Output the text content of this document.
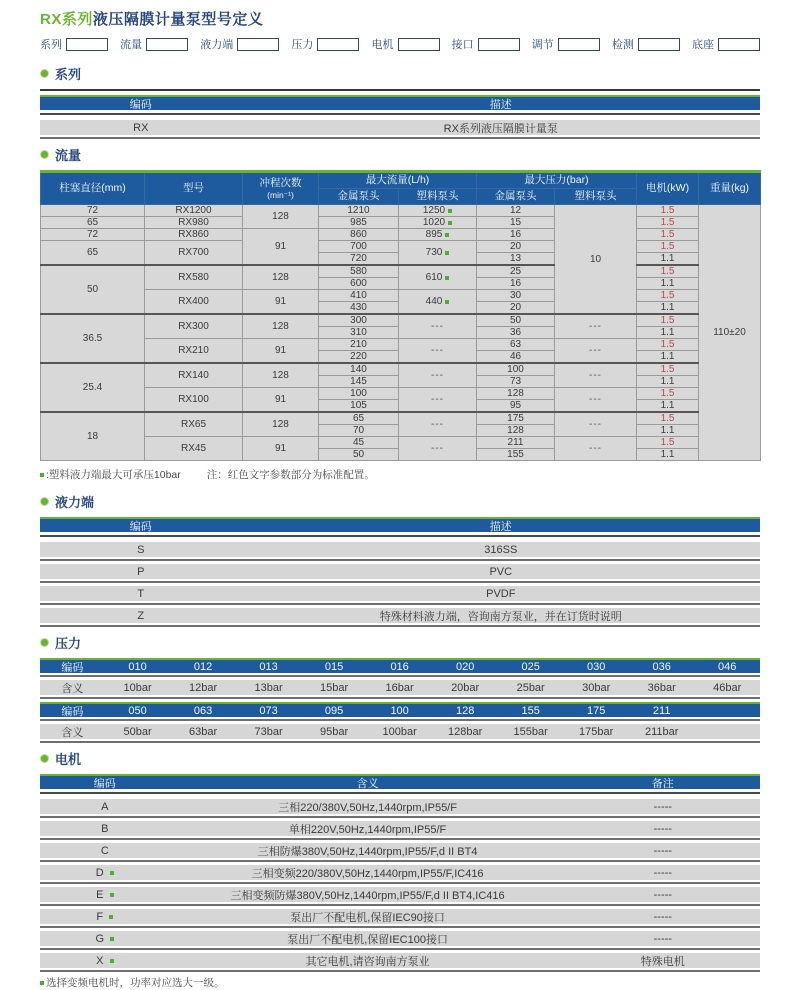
RX系列液压隔膜计量泵型号定义
系列	流量	液力端	压力	电机	接口	调节	检测	底座
系列
编码	描述
RX	RX系列液压隔膜计量泵
流量
柱塞直径(mm)	型号	冲程次数
(min⁻¹)	最大流量(L/h)		最大压力(bar)		电机(kW)	重量(kg)
			金属泵头	塑料泵头	金属泵头	塑料泵头		
72	RX1200	128	1210	1250	12	10	1.5	110±20
65	RX980		985	1020	15		1.5	
72	RX860	91	860	895	16		1.5	
65	RX700		700	730	20		1.5	
			720		13		1.1	
50	RX580	128	580	610	25		1.5	
			600		16		1.1	
	RX400	91	410	440	30		1.5	
			430		20		1.1	
36.5	RX300	128	300	---	50	---	1.5	
			310		36		1.1	
	RX210	91	210	---	63	---	1.5	
			220		46		1.1	
25.4	RX140	128	140	---	100	---	1.5	
			145		73		1.1	
	RX100	91	100	---	128	---	1.5	
			105		95		1.1	
18	RX65	128	65	---	175	---	1.5	
			70		128		1.1	
	RX45	91	45	---	211	---	1.5	
			50		155		1.1	
:塑料液力端最大可承压10bar 注：红色文字参数部分为标准配置。
液力端
编码	描述
S	316SS
P	PVC
T	PVDF
Z	特殊材料液力端，咨询南方泵业，并在订货时说明
压力
编码	010	012	013	015	016	020	025	030	036	046
含义	10bar	12bar	13bar	15bar	16bar	20bar	25bar	30bar	36bar	46bar
编码	050	063	073	095	100	128	155	175	211
含义	50bar	63bar	73bar	95bar	100bar	128bar	155bar	175bar	211bar
电机
编码	含义	备注
A	三相220/380V,50Hz,1440rpm,IP55/F	-----
B	单相220V,50Hz,1440rpm,IP55/F	-----
C	三相防爆380V,50Hz,1440rpm,IP55/F,d II BT4	-----
D	三相变频220/380V,50Hz,1440rpm,IP55/F,IC416	-----
E	三相变频防爆380V,50Hz,1440rpm,IP55/F,d II BT4,IC416	-----
F	泵出厂不配电机,保留IEC90接口	-----
G	泵出厂不配电机,保留IEC100接口	-----
X	其它电机,请咨询南方泵业	特殊电机
选择变频电机时，功率对应选大一级。
